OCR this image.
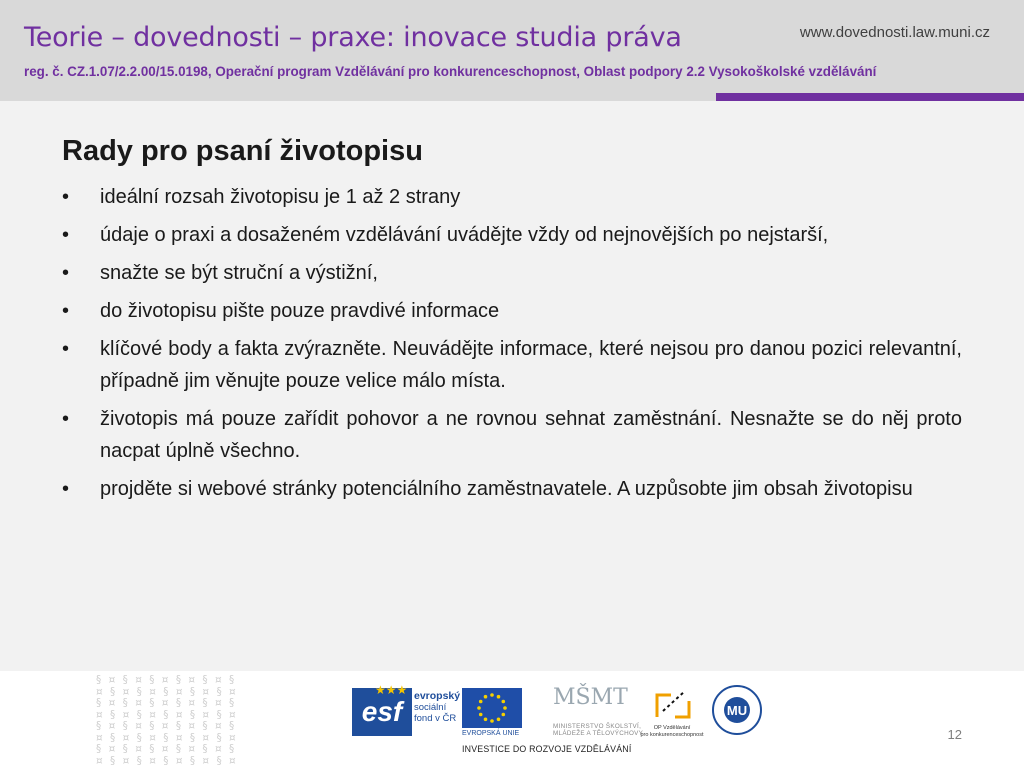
Teorie – dovednosti – praxe: inovace studia práva	www.dovednosti.law.muni.cz
reg. č. CZ.1.07/2.2.00/15.0198, Operační program Vzdělávání pro konkurenceschopnost, Oblast podpory 2.2 Vysokoškolské vzdělávání
Rady pro psaní životopisu
• ideální rozsah životopisu je 1 až 2 strany
• údaje o praxi a dosaženém vzdělávání uvádějte vždy od nejnovějších po nejstarší,
• snažte se být struční a výstižní,
• do životopisu pište pouze pravdivé informace
• klíčové body a fakta zvýrazněte. Neuvádějte informace, které nejsou pro danou pozici relevantní, případně jim věnujte pouze velice málo místa.
• životopis má pouze zařídit pohovor a ne rovnou sehnat zaměstnání. Nesnažte se do něj proto nacpat úplně všechno.
• projděte si webové stránky potenciálního zaměstnavatele. A uzpůsobte jim obsah životopisu
§ ¤ § ¤ § ¤ § ¤ § ¤ §
¤ § ¤ § ¤ § ¤ § ¤ § ¤
§ ¤ § ¤ § ¤ § ¤ § ¤ §
¤ § ¤ § ¤ § ¤ § ¤ § ¤
§ ¤ § ¤ § ¤ § ¤ § ¤ §
¤ § ¤ § ¤ § ¤ § ¤ § ¤
§ ¤ § ¤ § ¤ § ¤ § ¤ §
¤ § ¤ § ¤ § ¤ § ¤ § ¤
esf
★★★ evropský
sociální
fond v ČR
EVROPSKÁ UNIE
MŠMT
MINISTERSTVO ŠKOLSTVÍ,
MLÁDEŽE A TĚLOVÝCHOVY
OP Vzdělávání
pro konkurenceschopnost
MU
INVESTICE DO ROZVOJE VZDĚLÁVÁNÍ
12
